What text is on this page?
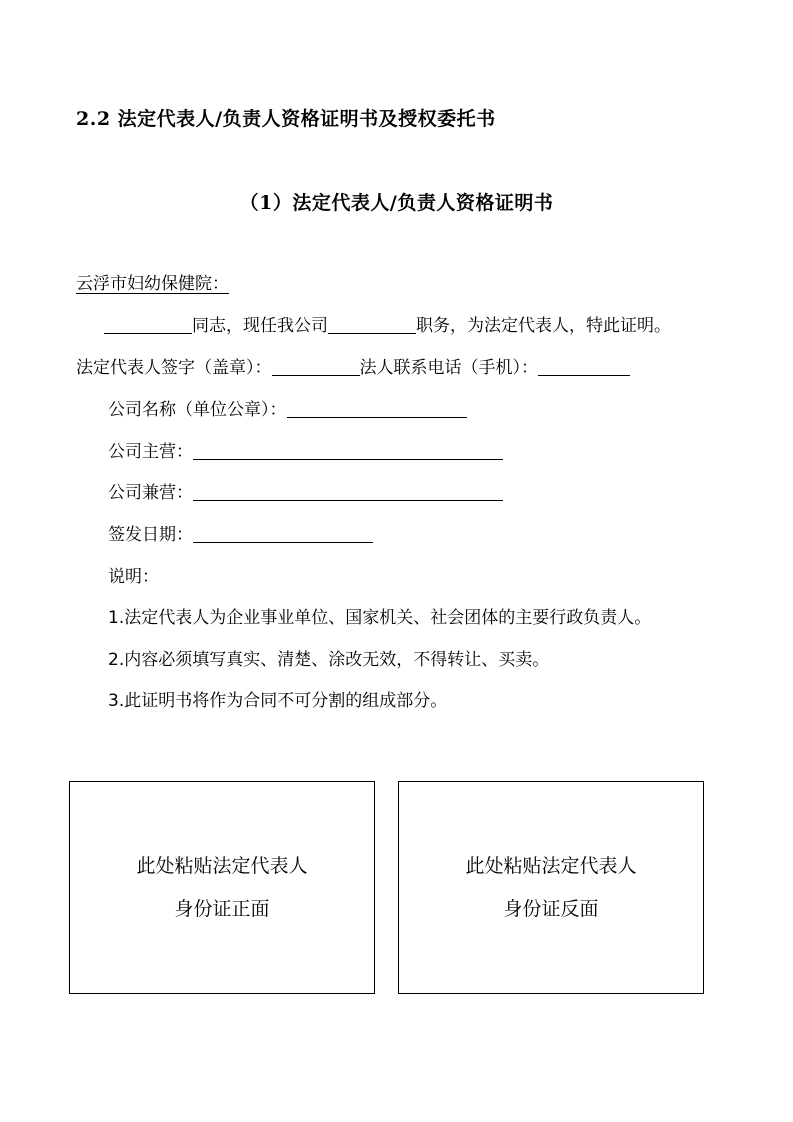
2.2 法定代表人/负责人资格证明书及授权委托书
（1）法定代表人/负责人资格证明书
云浮市妇幼保健院：
同志，现任我公司	职务，为法定代表人，特此证明。
法定代表人签字（盖章）：	法人联系电话（手机）：
公司名称（单位公章）：
公司主营：
公司兼营：
签发日期：
说明：
1.法定代表人为企业事业单位、国家机关、社会团体的主要行政负责人。
2.内容必须填写真实、清楚、涂改无效，不得转让、买卖。
3.此证明书将作为合同不可分割的组成部分。
此处粘贴法定代表人
身份证正面
此处粘贴法定代表人
身份证反面
